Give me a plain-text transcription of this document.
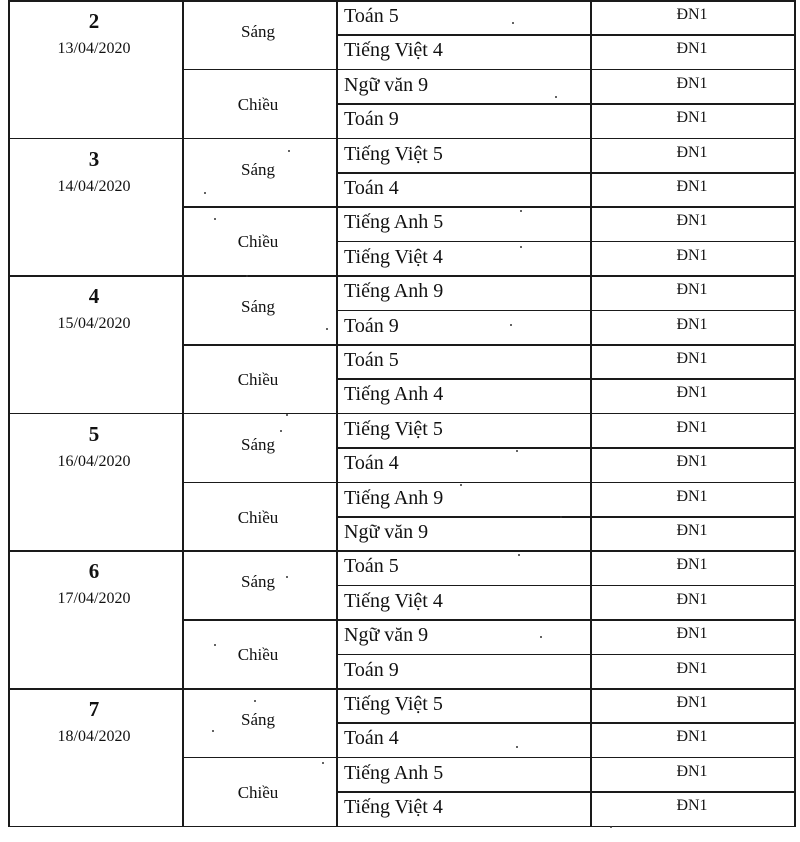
2
13/04/2020
Sáng
Toán 5	ĐN1
Tiếng Việt 4	ĐN1
Chiều
Ngữ văn 9	ĐN1
Toán 9	ĐN1
3
14/04/2020
Sáng
Tiếng Việt 5	ĐN1
Toán 4	ĐN1
Chiều
Tiếng Anh 5	ĐN1
Tiếng Việt 4	ĐN1
4
15/04/2020
Sáng
Tiếng Anh 9	ĐN1
Toán 9	ĐN1
Chiều
Toán 5	ĐN1
Tiếng Anh 4	ĐN1
5
16/04/2020
Sáng
Tiếng Việt 5	ĐN1
Toán 4	ĐN1
Chiều
Tiếng Anh 9	ĐN1
Ngữ văn 9	ĐN1
6
17/04/2020
Sáng
Toán 5	ĐN1
Tiếng Việt 4	ĐN1
Chiều
Ngữ văn 9	ĐN1
Toán 9	ĐN1
7
18/04/2020
Sáng
Tiếng Việt 5	ĐN1
Toán 4	ĐN1
Chiều
Tiếng Anh 5	ĐN1
Tiếng Việt 4	ĐN1
